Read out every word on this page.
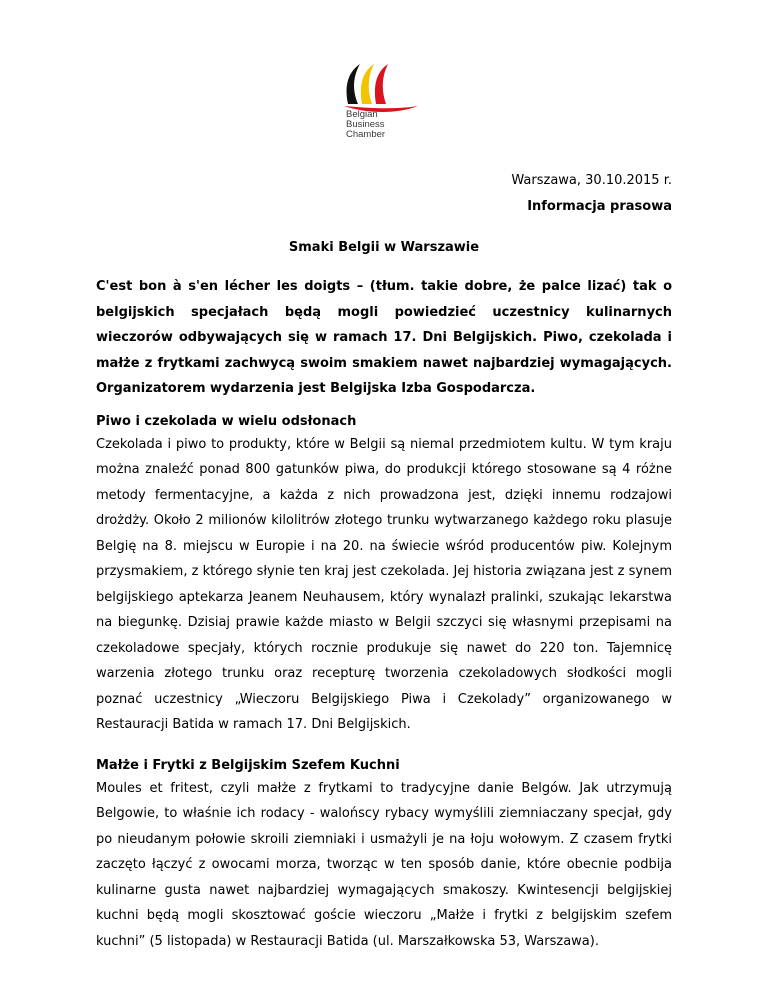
Belgian
Business
Chamber
Warszawa, 30.10.2015 r.
Informacja prasowa

Smaki Belgii w Warszawie

C'est bon à s'en lécher les doigts – (tłum. takie dobre, że palce lizać) tak o belgijskich specjałach będą mogli powiedzieć uczestnicy kulinarnych wieczorów odbywających się w ramach 17. Dni Belgijskich. Piwo, czekolada i małże z frytkami zachwycą swoim smakiem nawet najbardziej wymagających. Organizatorem wydarzenia jest Belgijska Izba Gospodarcza.

Piwo i czekolada w wielu odsłonach

Czekolada i piwo to produkty, które w Belgii są niemal przedmiotem kultu. W tym kraju można znaleźć ponad 800 gatunków piwa, do produkcji którego stosowane są 4 różne metody fermentacyjne, a każda z nich prowadzona jest, dzięki innemu rodzajowi drożdży. Około 2 milionów kilolitrów złotego trunku wytwarzanego każdego roku plasuje Belgię na 8. miejscu w Europie i na 20. na świecie wśród producentów piw. Kolejnym przysmakiem, z którego słynie ten kraj jest czekolada. Jej historia związana jest z synem belgijskiego aptekarza Jeanem Neuhausem, który wynalazł pralinki, szukając lekarstwa na biegunkę. Dzisiaj prawie każde miasto w Belgii szczyci się własnymi przepisami na czekoladowe specjały, których rocznie produkuje się nawet do 220 ton. Tajemnicę warzenia złotego trunku oraz recepturę tworzenia czekoladowych słodkości mogli poznać uczestnicy „Wieczoru Belgijskiego Piwa i Czekolady” organizowanego w Restauracji Batida w ramach 17. Dni Belgijskich.

Małże i Frytki z Belgijskim Szefem Kuchni

Moules et fritest, czyli małże z frytkami to tradycyjne danie Belgów. Jak utrzymują Belgowie, to właśnie ich rodacy - walońscy rybacy wymyślili ziemniaczany specjał, gdy po nieudanym połowie skroili ziemniaki i usmażyli je na łoju wołowym. Z czasem frytki zaczęto łączyć z owocami morza, tworząc w ten sposób danie, które obecnie podbija kulinarne gusta nawet najbardziej wymagających smakoszy. Kwintesencji belgijskiej kuchni będą mogli skosztować goście wieczoru „Małże i frytki z belgijskim szefem kuchni” (5 listopada) w Restauracji Batida (ul. Marszałkowska 53, Warszawa).
